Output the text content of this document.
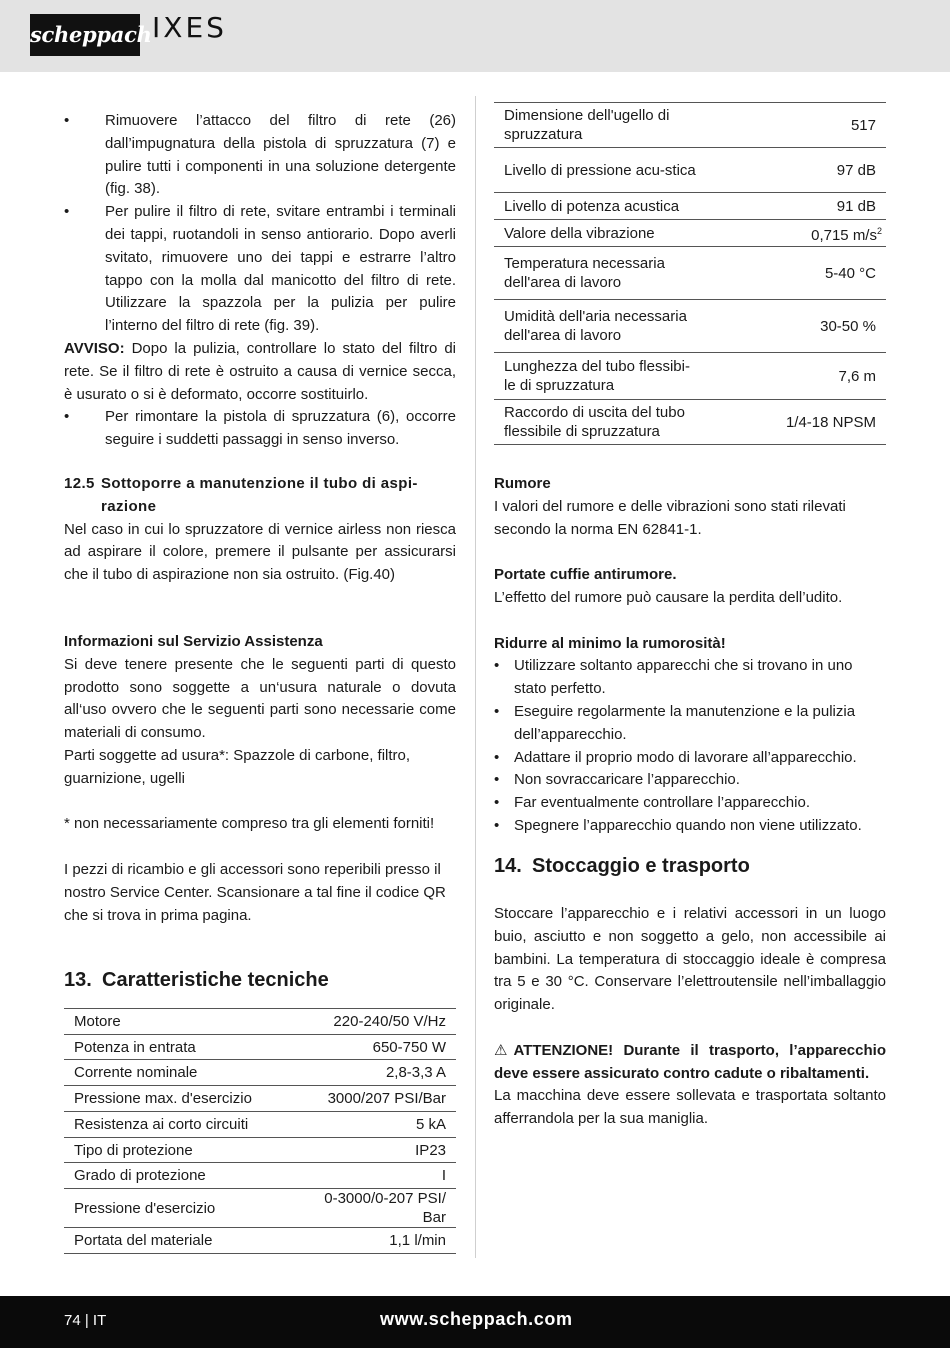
scheppach IXES
• Rimuovere l’attacco del filtro di rete (26) dall’impugnatura della pistola di spruzzatura (7) e pulire tutti i componenti in una soluzione detergente (fig. 38).
• Per pulire il filtro di rete, svitare entrambi i terminali dei tappi, ruotandoli in senso antiorario. Dopo averli svitato, rimuovere uno dei tappi e estrarre l’altro tappo con la molla dal manicotto del filtro di rete. Utilizzare la spazzola per la pulizia per pulire l’interno del filtro di rete (fig. 39).

AVVISO: Dopo la pulizia, controllare lo stato del filtro di rete. Se il filtro di rete è ostruito a causa di vernice secca, è usurato o si è deformato, occorre sostituirlo.

• Per rimontare la pistola di spruzzatura (6), occorre seguire i suddetti passaggi in senso inverso.
12.5 Sottoporre a manutenzione il tubo di aspi-
razione

Nel caso in cui lo spruzzatore di vernice airless non riesca ad aspirare il colore, premere il pulsante per assicurarsi che il tubo di aspirazione non sia ostruito. (Fig.40)

Informazioni sul Servizio Assistenza

Si deve tenere presente che le seguenti parti di questo prodotto sono soggette a un‘usura naturale o dovuta all‘uso ovvero che le seguenti parti sono necessarie come materiali di consumo.

Parti soggette ad usura*: Spazzole di carbone, filtro, guarnizione, ugelli

* non necessariamente compreso tra gli elementi forniti!

I pezzi di ricambio e gli accessori sono reperibili presso il nostro Service Center. Scansionare a tal fine il codice QR che si trova in prima pagina.

13. Caratteristiche tecniche
Motore	220-240/50 V/Hz
Potenza in entrata	650-750 W
Corrente nominale	2,8-3,3 A
Pressione max. d'esercizio	3000/207 PSI/Bar
Resistenza ai corto circuiti	5 kA
Tipo di protezione	IP23
Grado di protezione	I
Pressione d'esercizio	0-3000/0-207 PSI/ Bar
Portata del materiale	1,1 l/min
Dimensione dell'ugello di spruzzatura	517
Livello di pressione acu-stica	97 dB
Livello di potenza acustica	91 dB
Valore della vibrazione	0,715 $m/s^2$
Temperatura necessaria dell'area di lavoro	5-40 °C
Umidità dell'aria necessaria dell'area di lavoro	30-50 %
Lunghezza del tubo flessibi-le di spruzzatura	7,6 m
Raccordo di uscita del tubo flessibile di spruzzatura	1/4-18 NPSM

Rumore

I valori del rumore e delle vibrazioni sono stati rilevati secondo la norma EN 62841-1.

Portate cuffie antirumore.

L’effetto del rumore può causare la perdita dell’udito.

Ridurre al minimo la rumorosità!

• Utilizzare soltanto apparecchi che si trovano in uno stato perfetto.
• Eseguire regolarmente la manutenzione e la pulizia dell’apparecchio.
• Adattare il proprio modo di lavorare all’apparecchio.
• Non sovraccaricare l’apparecchio.
• Far eventualmente controllare l’apparecchio.
• Spegnere l’apparecchio quando non viene utilizzato.
14. Stoccaggio e trasporto

Stoccare l’apparecchio e i relativi accessori in un luogo buio, asciutto e non soggetto a gelo, non accessibile ai bambini. La temperatura di stoccaggio ideale è compresa tra 5 e 30 °C. Conservare l’elettroutensile nell’imballaggio originale.

⚠ ATTENZIONE! Durante il trasporto, l’apparecchio deve essere assicurato contro cadute o ribaltamenti.

La macchina deve essere sollevata e trasportata soltanto afferrandola per la sua maniglia.

74 | IT	www.scheppach.com
